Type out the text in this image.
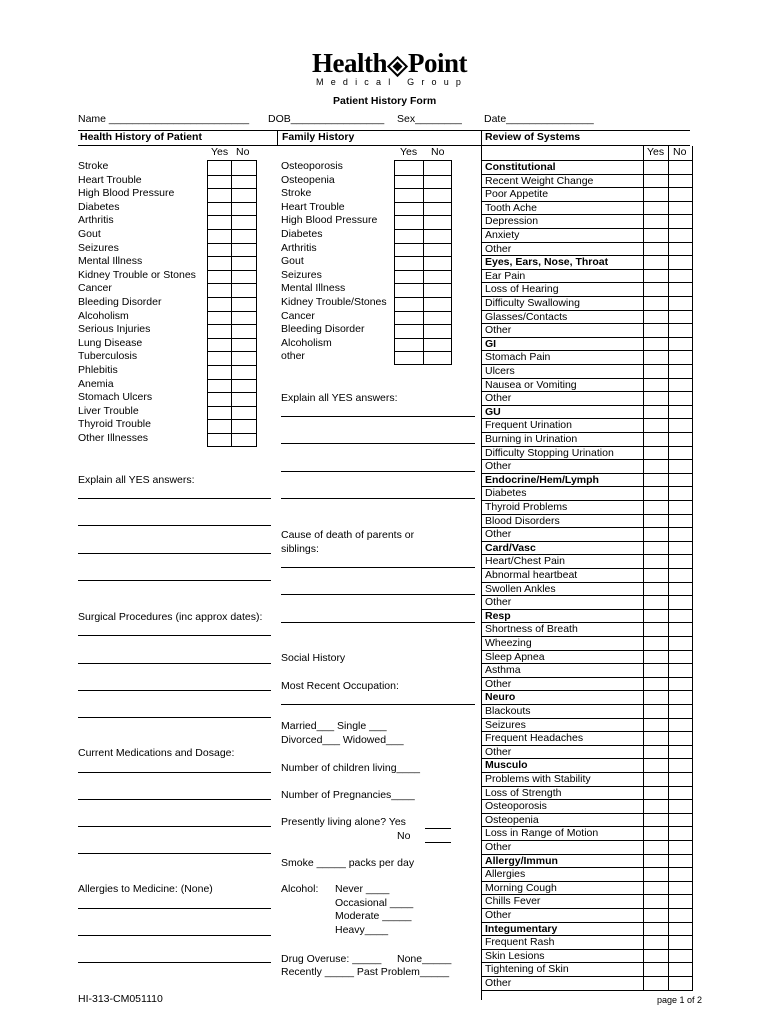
Health Point
Medical Group
Patient History Form
Name ________________________ DOB________________ Sex________ Date_______________
Health History of Patient	Family History	Review of Systems
Yes No
Stroke
Heart Trouble
High Blood Pressure
Diabetes
Arthritis
Gout
Seizures
Mental Illness
Kidney Trouble or Stones
Cancer
Bleeding Disorder
Alcoholism
Serious Injuries
Lung Disease
Tuberculosis
Phlebitis
Anemia
Stomach Ulcers
Liver Trouble
Thyroid Trouble
Other Illnesses
Explain all YES answers:
Surgical Procedures (inc approx dates):
Current Medications and Dosage:
Allergies to Medicine: (None)
Yes No
Osteoporosis
Osteopenia
Stroke
Heart Trouble
High Blood Pressure
Diabetes
Arthritis
Gout
Seizures
Mental Illness
Kidney Trouble/Stones
Cancer
Bleeding Disorder
Alcoholism
other
Explain all YES answers:
Cause of death of parents or
siblings:
Social History
Most Recent Occupation:
Married___ Single ___
Divorced___ Widowed___
Number of children living____
Number of Pregnancies____
Presently living alone? Yes
No
Smoke _____ packs per day
Alcohol: Never ____
Occasional ____
Moderate _____
Heavy____
Drug Overuse: _____ None_____
Recently _____ Past Problem_____
Yes No
Constitutional
Recent Weight Change
Poor Appetite
Tooth Ache
Depression
Anxiety
Other
Eyes, Ears, Nose, Throat
Ear Pain
Loss of Hearing
Difficulty Swallowing
Glasses/Contacts
Other
GI
Stomach Pain
Ulcers
Nausea or Vomiting
Other
GU
Frequent Urination
Burning in Urination
Difficulty Stopping Urination
Other
Endocrine/Hem/Lymph
Diabetes
Thyroid Problems
Blood Disorders
Other
Card/Vasc
Heart/Chest Pain
Abnormal heartbeat
Swollen Ankles
Other
Resp
Shortness of Breath
Wheezing
Sleep Apnea
Asthma
Other
Neuro
Blackouts
Seizures
Frequent Headaches
Other
Musculo
Problems with Stability
Loss of Strength
Osteoporosis
Osteopenia
Loss in Range of Motion
Other
Allergy/Immun
Allergies
Morning Cough
Chills Fever
Other
Integumentary
Frequent Rash
Skin Lesions
Tightening of Skin
Other
HI-313-CM051110	page 1 of 2
